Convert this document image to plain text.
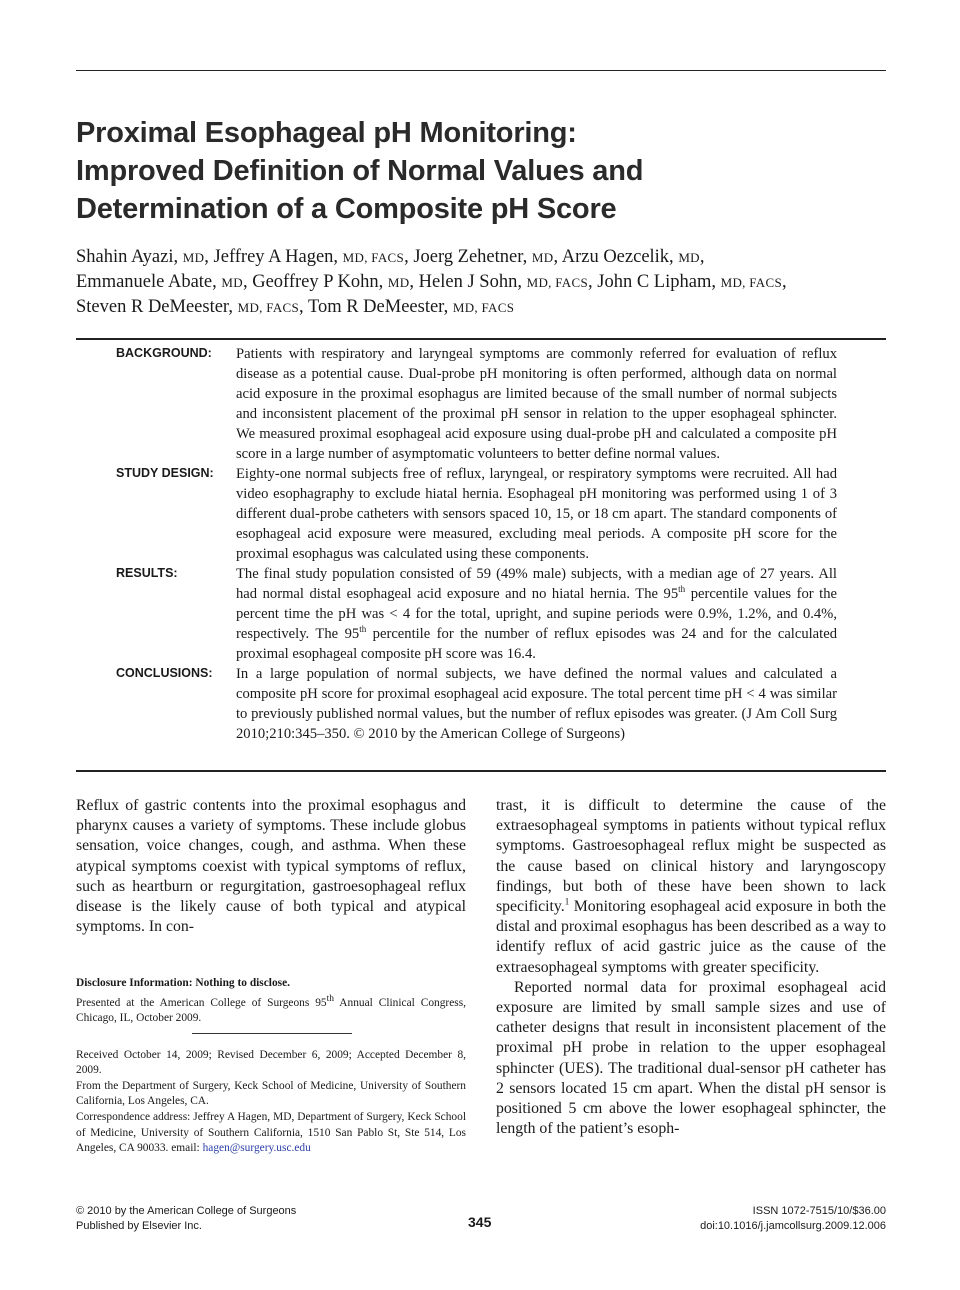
Proximal Esophageal pH Monitoring:
Improved Definition of Normal Values and
Determination of a Composite pH Score
Shahin Ayazi, MD, Jeffrey A Hagen, MD, FACS, Joerg Zehetner, MD, Arzu Oezcelik, MD,
Emmanuele Abate, MD, Geoffrey P Kohn, MD, Helen J Sohn, MD, FACS, John C Lipham, MD, FACS,
Steven R DeMeester, MD, FACS, Tom R DeMeester, MD, FACS
BACKGROUND: Patients with respiratory and laryngeal symptoms are commonly referred for evaluation of reflux disease as a potential cause. Dual-probe pH monitoring is often performed, although data on normal acid exposure in the proximal esophagus are limited because of the small number of normal subjects and inconsistent placement of the proximal pH sensor in relation to the upper esophageal sphincter. We measured proximal esophageal acid exposure using dual-probe pH and calculated a composite pH score in a large number of asymptomatic volunteers to better define normal values.
STUDY DESIGN: Eighty-one normal subjects free of reflux, laryngeal, or respiratory symptoms were recruited. All had video esophagraphy to exclude hiatal hernia. Esophageal pH monitoring was performed using 1 of 3 different dual-probe catheters with sensors spaced 10, 15, or 18 cm apart. The standard components of esophageal acid exposure were measured, excluding meal periods. A composite pH score for the proximal esophagus was calculated using these components.
RESULTS:	The final study population consisted of 59 (49% male) subjects, with a median age of 27 years. All had normal distal esophageal acid exposure and no hiatal hernia. The 95th percentile values for the percent time the pH was < 4 for the total, upright, and supine periods were 0.9%, 1.2%, and 0.4%, respectively. The 95th percentile for the number of reflux episodes was 24 and for the calculated proximal esophageal composite pH score was 16.4.
CONCLUSIONS: In a large population of normal subjects, we have defined the normal values and calculated a composite pH score for proximal esophageal acid exposure. The total percent time pH < 4 was similar to previously published normal values, but the number of reflux episodes was greater. (J Am Coll Surg 2010;210:345–350. © 2010 by the American College of Surgeons)

Reflux of gastric contents into the proximal esophagus and pharynx causes a variety of symptoms. These include globus sensation, voice changes, cough, and asthma. When these atypical symptoms coexist with typical symptoms of reflux, such as heartburn or regurgitation, gastroesophageal reflux disease is the likely cause of both typical and atypical symptoms. In con-

trast, it is difficult to determine the cause of the extraesophageal symptoms in patients without typical reflux symptoms. Gastroesophageal reflux might be suspected as the cause based on clinical history and laryngoscopy findings, but both of these have been shown to lack specificity.$^1$ Monitoring esophageal acid exposure in both the distal and proximal esophagus has been described as a way to identify reflux of acid gastric juice as the cause of the extraesophageal symptoms with greater specificity.

Reported normal data for proximal esophageal acid exposure are limited by small sample sizes and use of catheter designs that result in inconsistent placement of the proximal pH probe in relation to the upper esophageal sphincter (UES). The traditional dual-sensor pH catheter has 2 sensors located 15 cm apart. When the distal pH sensor is positioned 5 cm above the lower esophageal sphincter, the length of the patient’s esoph-

Disclosure Information: Nothing to disclose.

Presented at the American College of Surgeons 95th Annual Clinical Congress, Chicago, IL, October 2009.

Received October 14, 2009; Revised December 6, 2009; Accepted December 8, 2009.

From the Department of Surgery, Keck School of Medicine, University of Southern California, Los Angeles, CA.

Correspondence address: Jeffrey A Hagen, MD, Department of Surgery, Keck School of Medicine, University of Southern California, 1510 San Pablo St, Ste 514, Los Angeles, CA 90033. email: hagen@surgery.usc.edu

© 2010 by the American College of Surgeons
Published by Elsevier Inc.	345
ISSN 1072-7515/10/$36.00
doi:10.1016/j.jamcollsurg.2009.12.006
